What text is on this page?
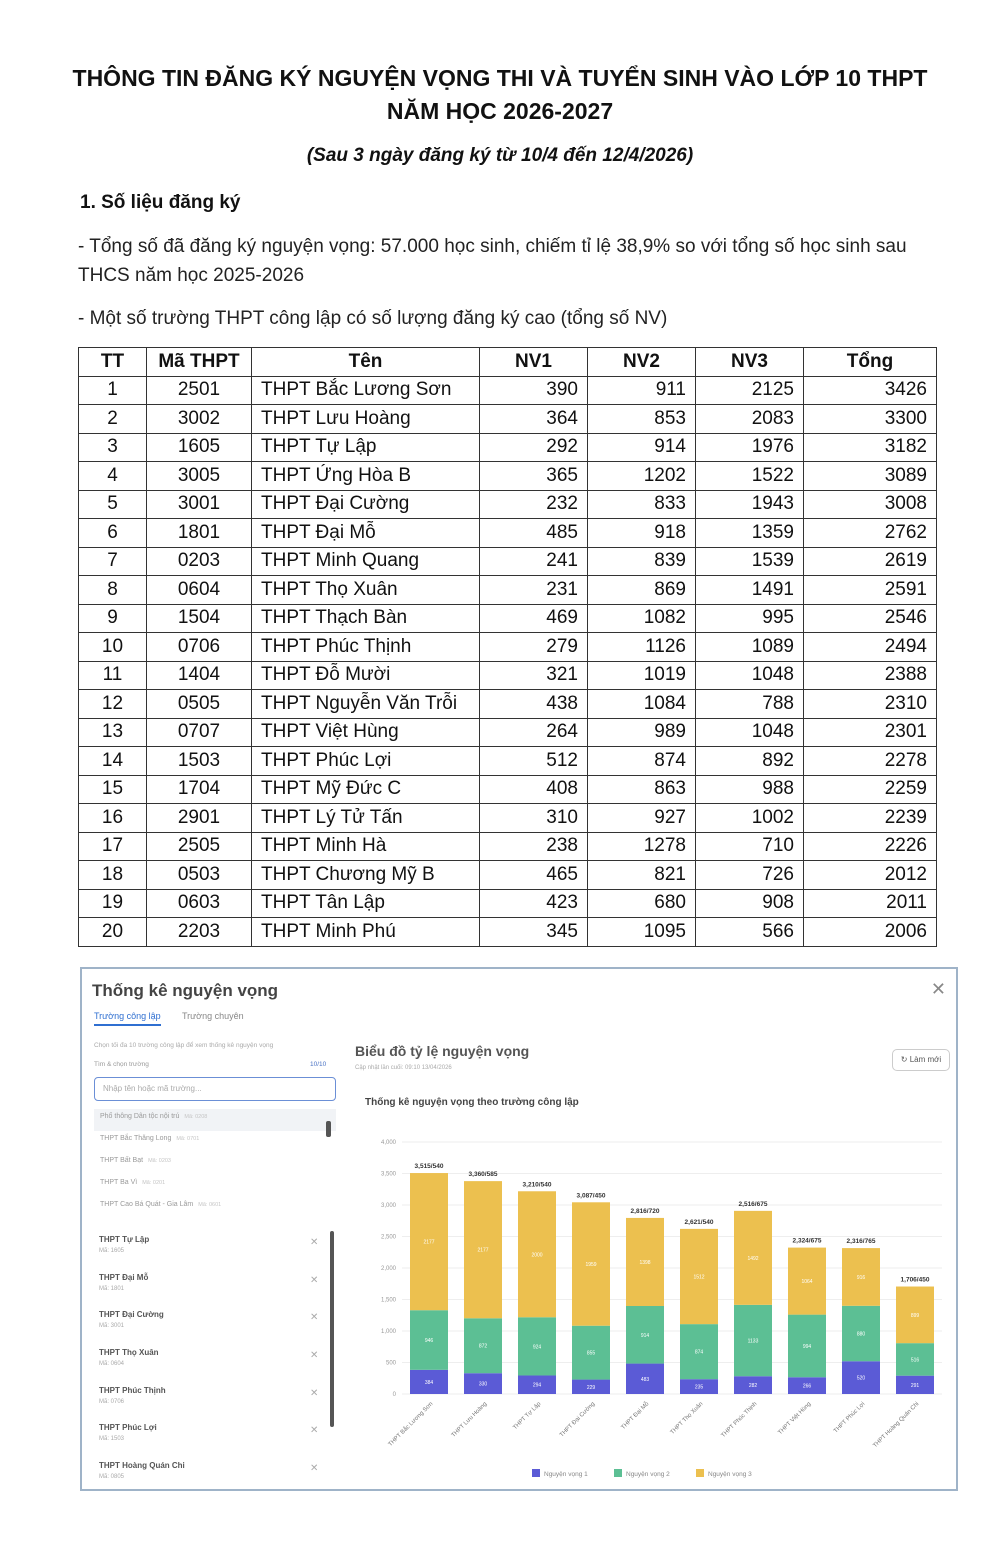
THÔNG TIN ĐĂNG KÝ NGUYỆN VỌNG THI VÀ TUYỂN SINH VÀO LỚP 10 THPT
NĂM HỌC 2026-2027
(Sau 3 ngày đăng ký từ 10/4 đến 12/4/2026)
1. Số liệu đăng ký
- Tổng số đã đăng ký nguyện vọng: 57.000 học sinh, chiếm tỉ lệ 38,9% so với tổng số học sinh sau
THCS năm học 2025-2026
- Một số trường THPT công lập có số lượng đăng ký cao (tổng số NV)
TT	Mã THPT	Tên	NV1	NV2	NV3	Tổng
1	2501	THPT Bắc Lương Sơn	390	911	2125	3426
2	3002	THPT Lưu Hoàng	364	853	2083	3300
3	1605	THPT Tự Lập	292	914	1976	3182
4	3005	THPT Ứng Hòa B	365	1202	1522	3089
5	3001	THPT Đại Cường	232	833	1943	3008
6	1801	THPT Đại Mỗ	485	918	1359	2762
7	0203	THPT Minh Quang	241	839	1539	2619
8	0604	THPT Thọ Xuân	231	869	1491	2591
9	1504	THPT Thạch Bàn	469	1082	995	2546
10	0706	THPT Phúc Thịnh	279	1126	1089	2494
11	1404	THPT Đỗ Mười	321	1019	1048	2388
12	0505	THPT Nguyễn Văn Trỗi	438	1084	788	2310
13	0707	THPT Việt Hùng	264	989	1048	2301
14	1503	THPT Phúc Lợi	512	874	892	2278
15	1704	THPT Mỹ Đức C	408	863	988	2259
16	2901	THPT Lý Tử Tấn	310	927	1002	2239
17	2505	THPT Minh Hà	238	1278	710	2226
18	0503	THPT Chương Mỹ B	465	821	726	2012
19	0603	THPT Tân Lập	423	680	908	2011
20	2203	THPT Minh Phú	345	1095	566	2006
Thống kê nguyện vọng	✕
Trường công lập Trường chuyên
Chọn tối đa 10 trường công lập để xem thống kê nguyện vọng
Tìm & chọn trường	10/10
Nhập tên hoặc mã trường...
Phổ thông Dân tộc nội trú Mã: 0208
THPT Bắc Thăng Long Mã: 0701
THPT Bất Bạt Mã: 0203
THPT Ba Vì Mã: 0201
THPT Cao Bá Quát - Gia Lâm Mã: 0601
THPT Tự Lập
Mã: 1605
✕
THPT Đại Mỗ
Mã: 1801
✕
THPT Đại Cường
Mã: 3001
✕
THPT Thọ Xuân
Mã: 0604
✕
THPT Phúc Thịnh
Mã: 0706
✕
THPT Phúc Lợi
Mã: 1503
✕
THPT Hoàng Quán Chi
Mã: 0805
✕
Biểu đồ tỷ lệ nguyện vọng
Cập nhật lần cuối: 09:10 13/04/2026
↻ Làm mới
Thống kê nguyện vọng theo trường công lập
0
500
1,000
1,500
2,000
2,500
3,000
3,500
4,000
384
946
2177
3,515/540
THPT Bắc Lương Sơn
330
872
2177
3,360/585
THPT Lưu Hoàng
294
924
2000
3,210/540
THPT Tự Lập
229
855
1959
3,087/450
THPT Đại Cường
483
914
1398
2,816/720
THPT Đại Mỗ
235
874
1512
2,621/540
THPT Thọ Xuân
282
1133
1492
2,516/675
THPT Phúc Thịnh
266
994
1064
2,324/675
THPT Việt Hùng
520
880
916
2,316/765
THPT Phúc Lợi
291
516
899
1,706/450
THPT Hoàng Quán Chi
Nguyện vọng 1	Nguyện vọng 2	Nguyện vọng 3
